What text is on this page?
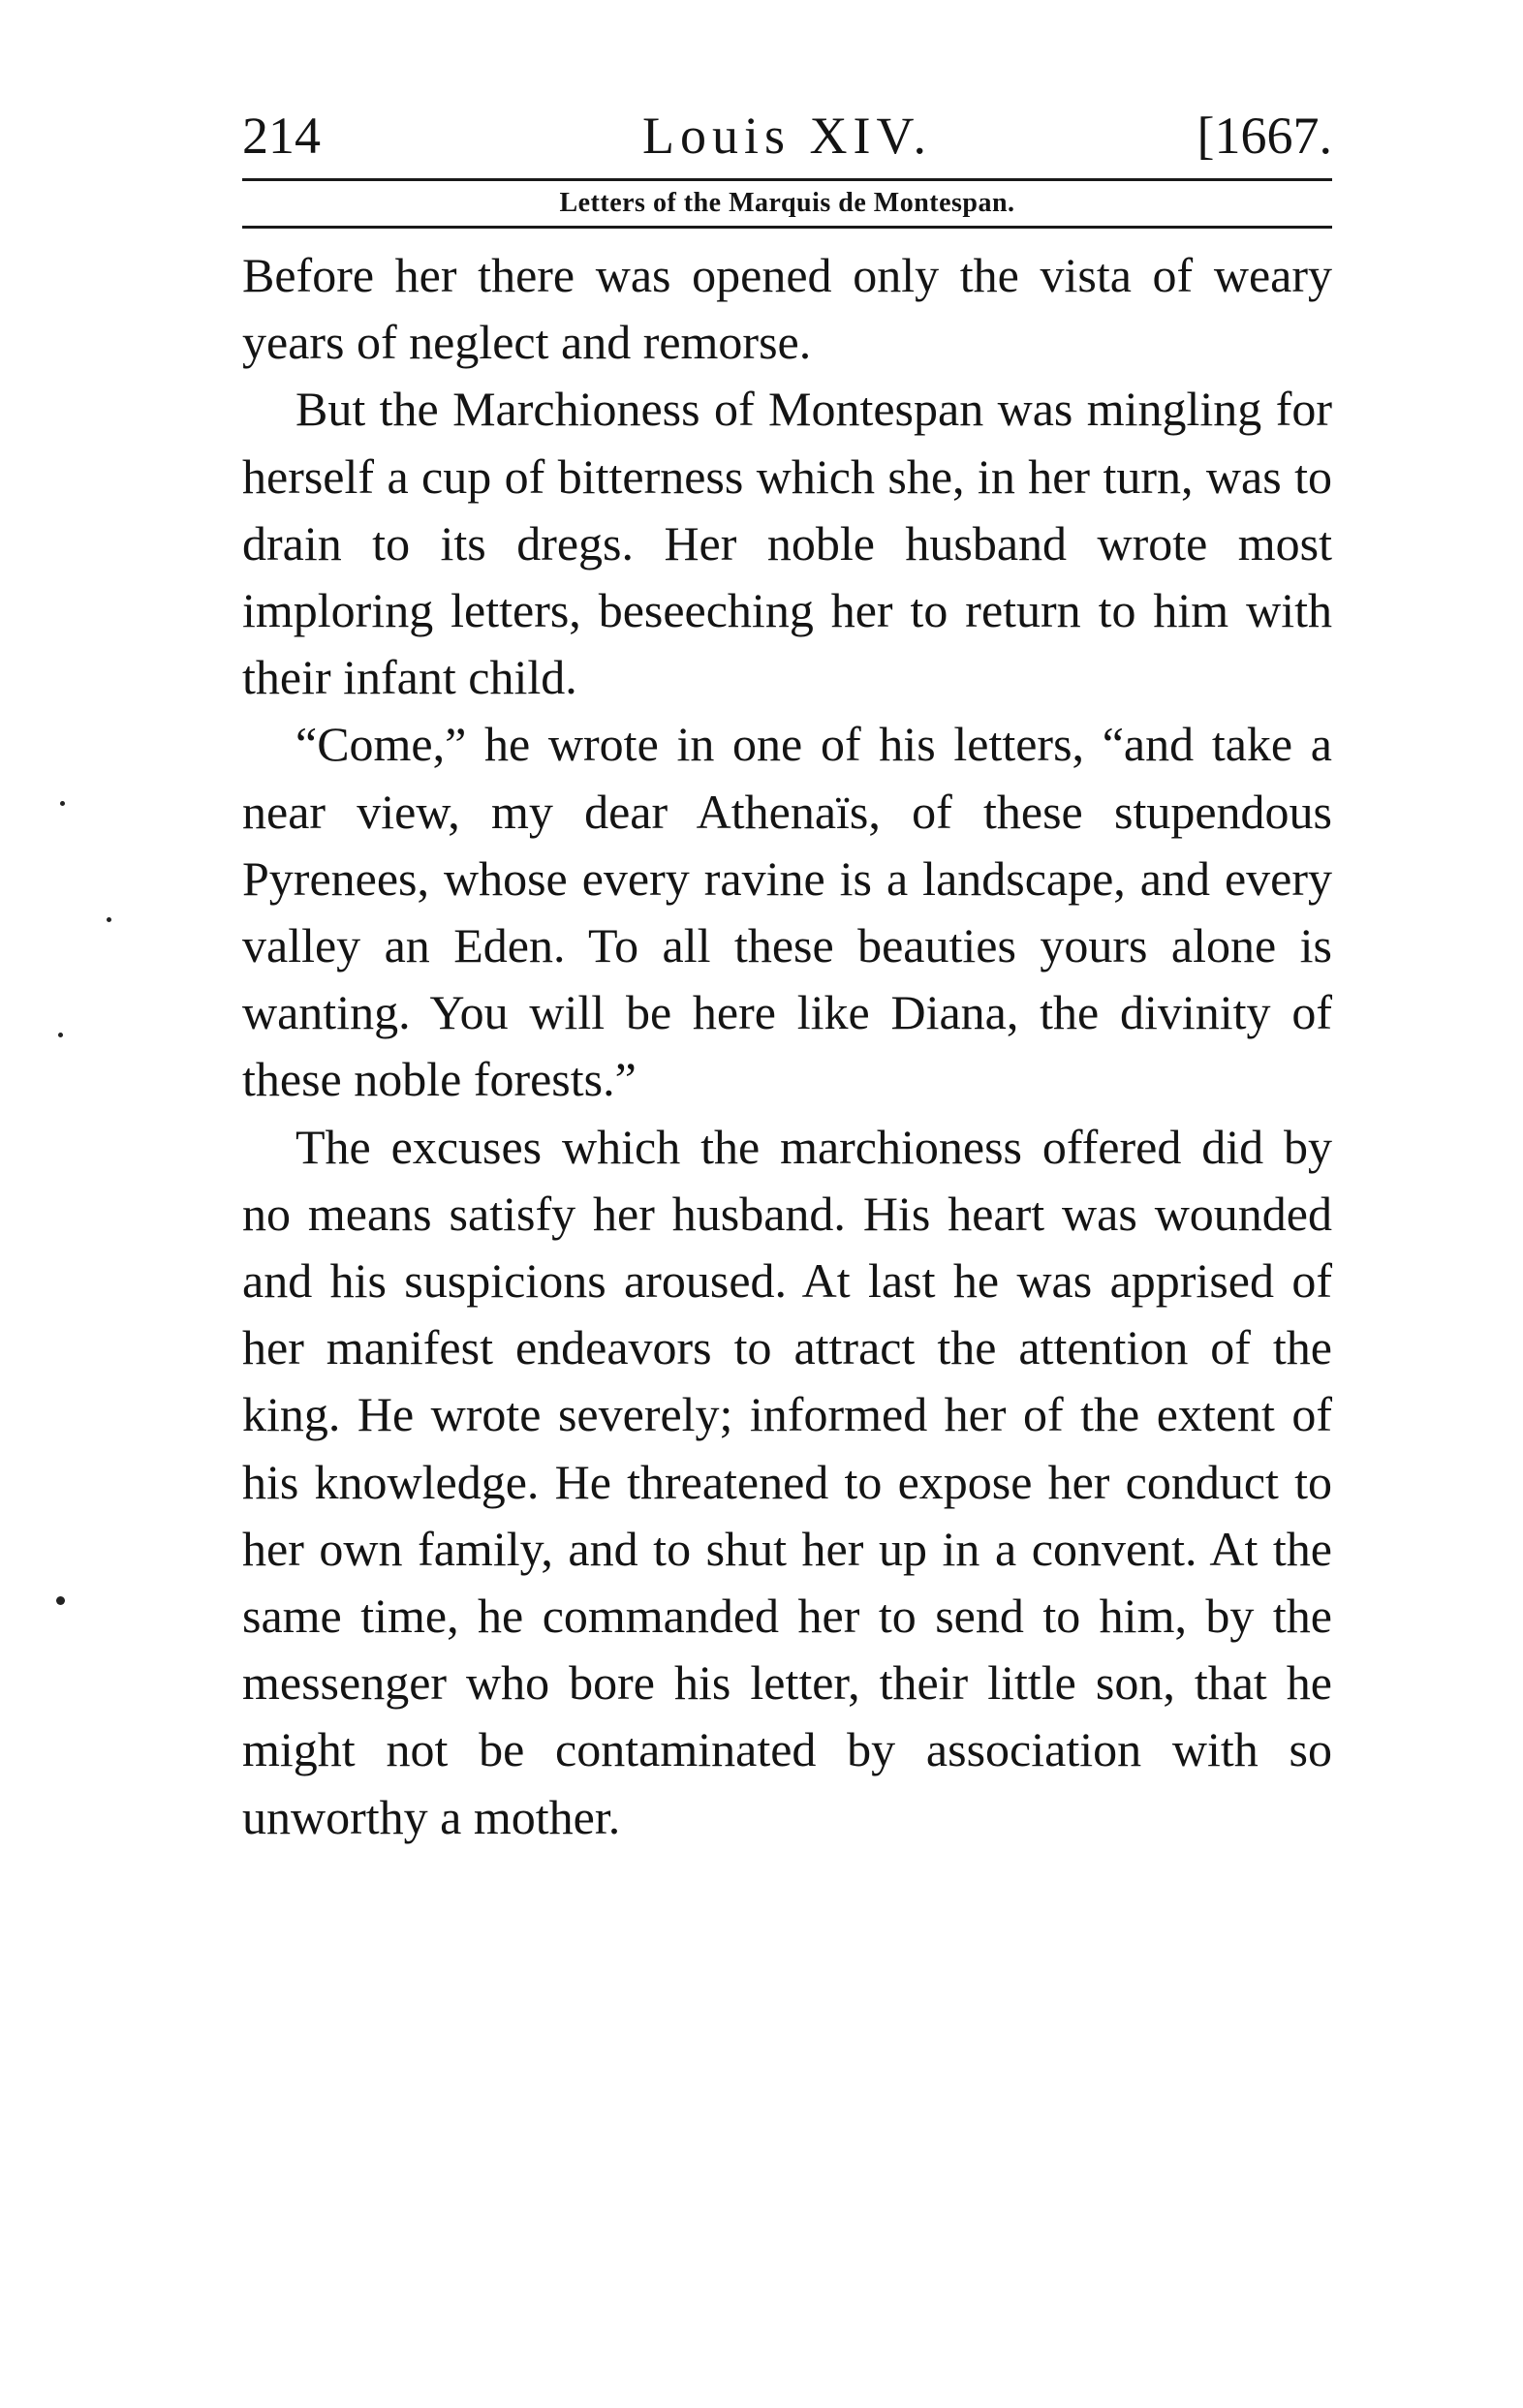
214	Louis XIV.	[1667.
Letters of the Marquis de Montespan.

Before her there was opened only the vista of weary years of neglect and remorse.

But the Marchioness of Montespan was mingling for herself a cup of bitterness which she, in her turn, was to drain to its dregs. Her noble husband wrote most imploring letters, beseeching her to return to him with their infant child.

“Come,” he wrote in one of his letters, “and take a near view, my dear Athenaïs, of these stupendous Pyrenees, whose every ravine is a landscape, and every valley an Eden. To all these beauties yours alone is wanting. You will be here like Diana, the divinity of these noble forests.”

The excuses which the marchioness offered did by no means satisfy her husband. His heart was wounded and his suspicions aroused. At last he was apprised of her manifest endeavors to attract the attention of the king. He wrote severely; informed her of the extent of his knowledge. He threatened to expose her conduct to her own family, and to shut her up in a convent. At the same time, he commanded her to send to him, by the messenger who bore his letter, their little son, that he might not be contaminated by association with so unworthy a mother.
